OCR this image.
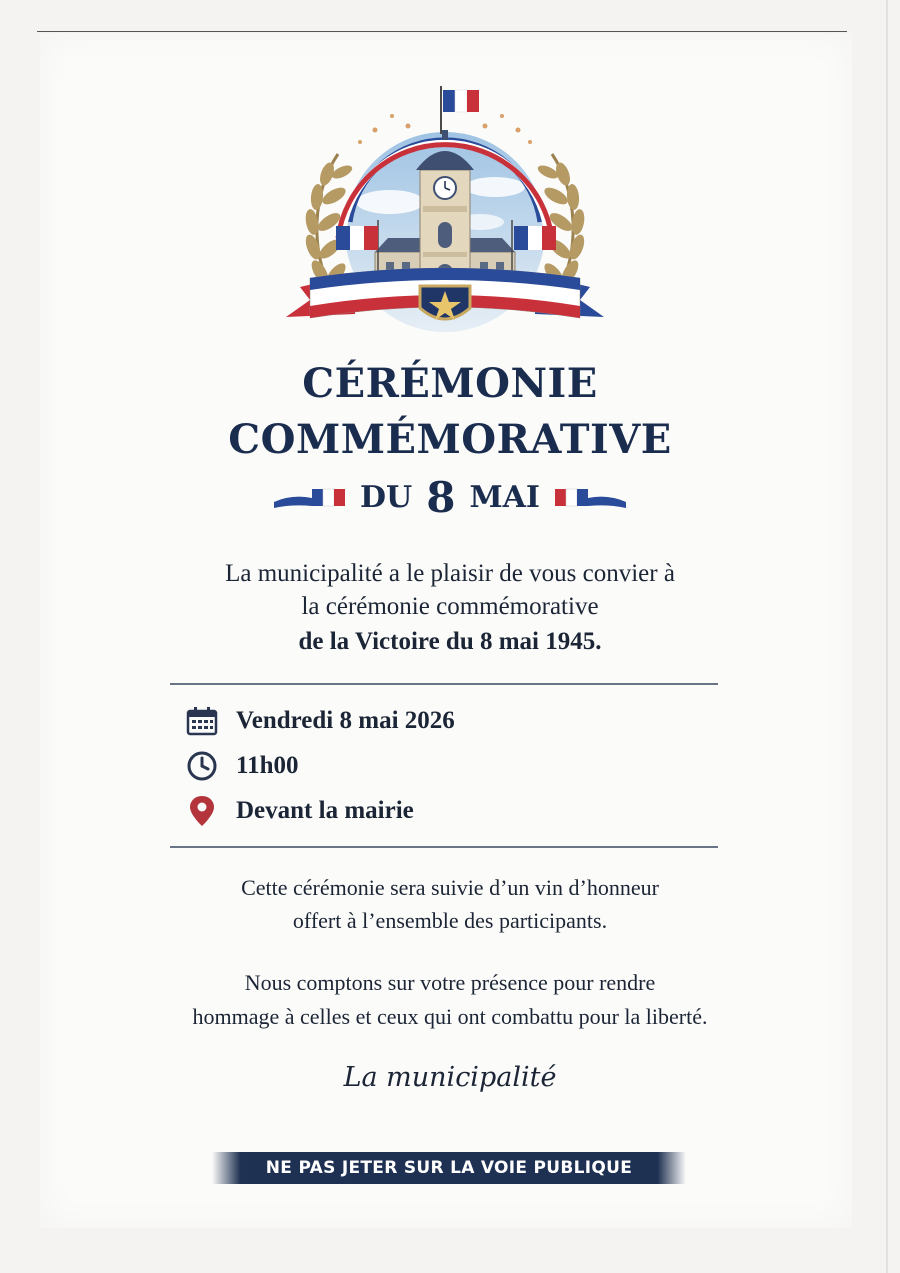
CÉRÉMONIE
COMMÉMORATIVE
DU 8 MAI

La municipalité a le plaisir de vous convier à

la cérémonie commémorative

de la Victoire du 8 mai 1945.

Vendredi 8 mai 2026
11h00
Devant la mairie

Cette cérémonie sera suivie d’un vin d’honneur

offert à l’ensemble des participants.

Nous comptons sur votre présence pour rendre

hommage à celles et ceux qui ont combattu pour la liberté.

La municipalité
NE PAS JETER SUR LA VOIE PUBLIQUE
